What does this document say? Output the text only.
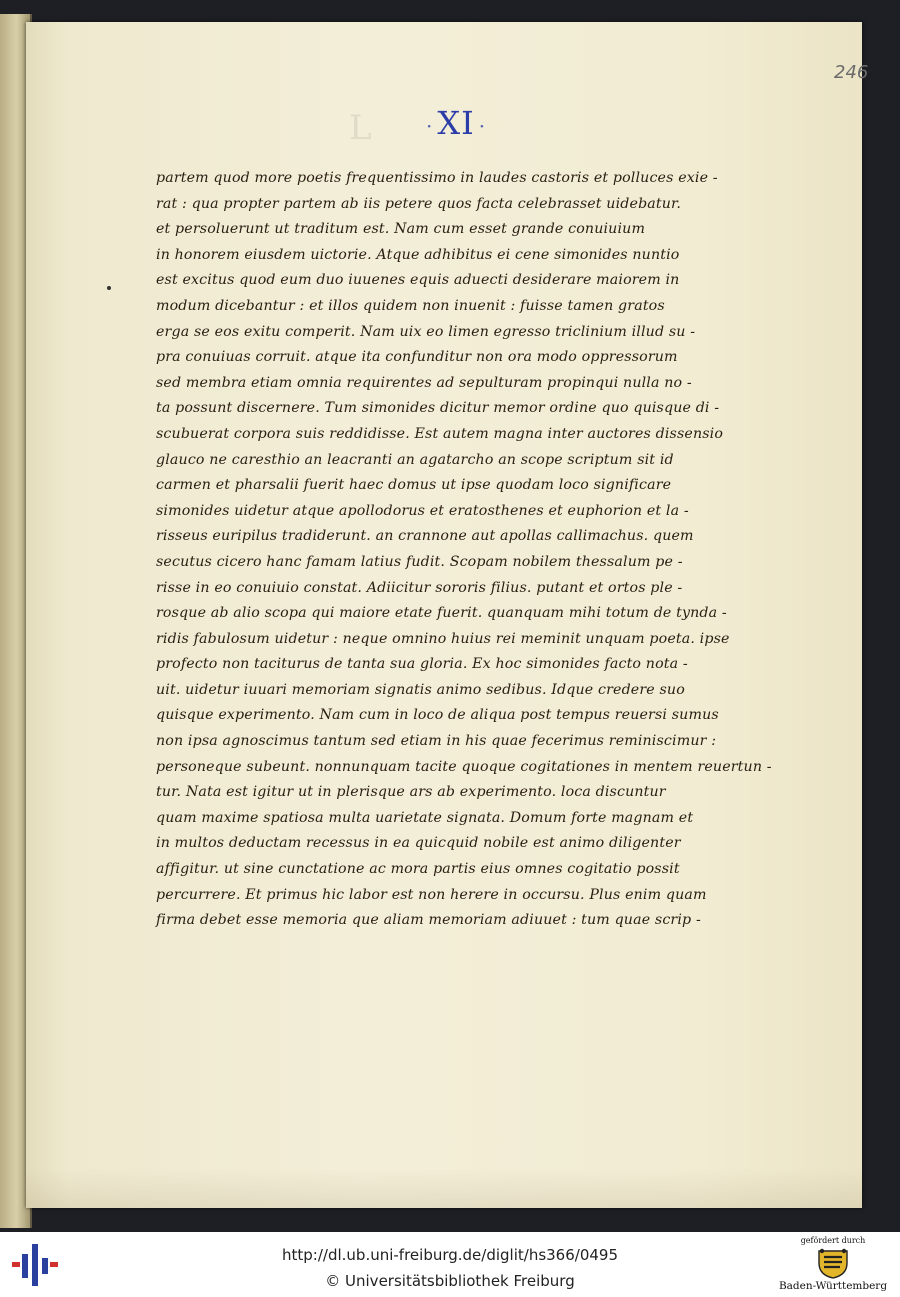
246
L	· XI ·
partem quod more poetis frequentissimo in laudes castoris et polluces exie -
rat : qua propter partem ab iis petere quos facta celebrasset uidebatur.
et persoluerunt ut traditum est. Nam cum esset grande conuiuium
in honorem eiusdem uictorie. Atque adhibitus ei cene simonides nuntio
est excitus quod eum duo iuuenes equis aduecti desiderare maiorem in
modum dicebantur : et illos quidem non inuenit : fuisse tamen gratos
erga se eos exitu comperit. Nam uix eo limen egresso triclinium illud su -
pra conuiuas corruit. atque ita confunditur non ora modo oppressorum
sed membra etiam omnia requirentes ad sepulturam propinqui nulla no -
ta possunt discernere. Tum simonides dicitur memor ordine quo quisque di -
scubuerat corpora suis reddidisse. Est autem magna inter auctores dissensio
glauco ne caresthio an leacranti an agatarcho an scope scriptum sit id
carmen et pharsalii fuerit haec domus ut ipse quodam loco significare
simonides uidetur atque apollodorus et eratosthenes et euphorion et la -
risseus euripilus tradiderunt. an crannone aut apollas callimachus. quem
secutus cicero hanc famam latius fudit. Scopam nobilem thessalum pe -
risse in eo conuiuio constat. Adiicitur sororis filius. putant et ortos ple -
rosque ab alio scopa qui maiore etate fuerit. quanquam mihi totum de tynda -
ridis fabulosum uidetur : neque omnino huius rei meminit unquam poeta. ipse
profecto non taciturus de tanta sua gloria. Ex hoc simonides facto nota -
uit. uidetur iuuari memoriam signatis animo sedibus. Idque credere suo
quisque experimento. Nam cum in loco de aliqua post tempus reuersi sumus
non ipsa agnoscimus tantum sed etiam in his quae fecerimus reminiscimur :
personeque subeunt. nonnunquam tacite quoque cogitationes in mentem reuertun -
tur. Nata est igitur ut in plerisque ars ab experimento. loca discuntur
quam maxime spatiosa multa uarietate signata. Domum forte magnam et
in multos deductam recessus in ea quicquid nobile est animo diligenter
affigitur. ut sine cunctatione ac mora partis eius omnes cogitatio possit
percurrere. Et primus hic labor est non herere in occursu. Plus enim quam
firma debet esse memoria que aliam memoriam adiuuet : tum quae scrip -
http://dl.ub.uni-freiburg.de/diglit/hs366/0495
© Universitätsbibliothek Freiburg
gefördert durch
Baden-Württemberg
